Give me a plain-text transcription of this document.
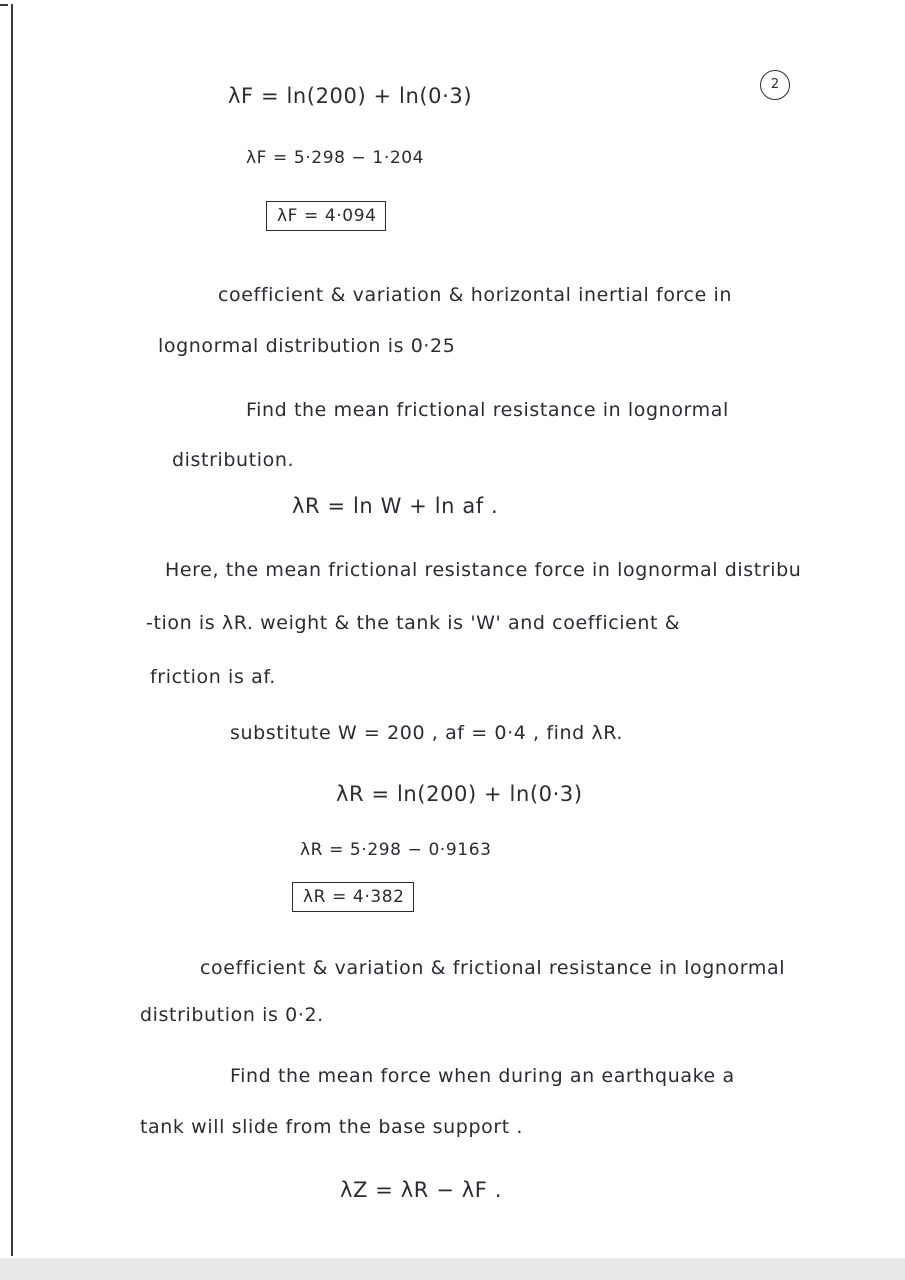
2
λF = ln(200) + ln(0·3)
λF = 5·298 − 1·204
λF = 4·094
coefficient & variation & horizontal inertial force in
lognormal distribution is 0·25
Find the mean frictional resistance in lognormal
distribution.
λR = ln W + ln af .
Here, the mean frictional resistance force in lognormal distribu
-tion is λR. weight & the tank is 'W' and coefficient &
friction is af.
substitute W = 200 , af = 0·4 , find λR.
λR = ln(200) + ln(0·3)
λR = 5·298 − 0·9163
λR = 4·382
coefficient & variation & frictional resistance in lognormal
distribution is 0·2.
Find the mean force when during an earthquake a
tank will slide from the base support .
λZ = λR − λF .
